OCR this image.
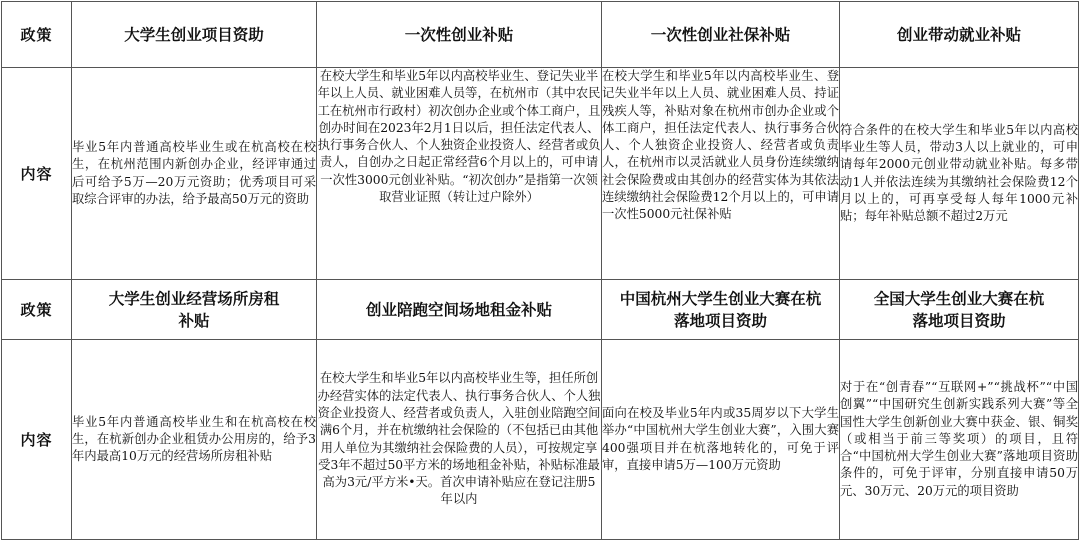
政策	大学生创业项目资助	一次性创业补贴	一次性创业社保补贴	创业带动就业补贴
内容	毕业5年内普通高校毕业生或在杭高校在校生，在杭州范围内新创办企业，经评审通过后可给予5万—20万元资助；优秀项目可采取综合评审的办法，给予最高50万元的资助	在校大学生和毕业5年以内高校毕业生、登记失业半年以上人员、就业困难人员等，在杭州市（其中农民工在杭州市行政村）初次创办企业或个体工商户，且创办时间在2023年2月1日以后，担任法定代表人、执行事务合伙人、个人独资企业投资人、经营者或负责人，自创办之日起正常经营6个月以上的，可申请一次性3000元创业补贴。“初次创办”是指第一次领取营业证照（转让过户除外）	在校大学生和毕业5年以内高校毕业生、登记失业半年以上人员、就业困难人员、持证残疾人等，补贴对象在杭州市创办企业或个体工商户，担任法定代表人、执行事务合伙人、个人独资企业投资人、经营者或负责人，在杭州市以灵活就业人员身份连续缴纳社会保险费或由其创办的经营实体为其依法连续缴纳社会保险费12个月以上的，可申请一次性5000元社保补贴	符合条件的在校大学生和毕业5年以内高校毕业生等人员，带动3人以上就业的，可申请每年2000元创业带动就业补贴。每多带动1人并依法连续为其缴纳社会保险费12个月以上的，可再享受每人每年1000元补贴；每年补贴总额不超过2万元
政策	大学生创业经营场所房租补贴	创业陪跑空间场地租金补贴	中国杭州大学生创业大赛在杭落地项目资助	全国大学生创业大赛在杭落地项目资助

内容	毕业5年内普通高校毕业生和在杭高校在校生，在杭新创办企业租赁办公用房的，给予3年内最高10万元的经营场所房租补贴	在校大学生和毕业5年以内高校毕业生等，担任所创办经营实体的法定代表人、执行事务合伙人、个人独资企业投资人、经营者或负责人，入驻创业陪跑空间满6个月，并在杭缴纳社会保险的（不包括已由其他用人单位为其缴纳社会保险费的人员），可按规定享受3年不超过50平方米的场地租金补贴，补贴标准最高为3元/平方米•天。首次申请补贴应在登记注册5年以内	面向在校及毕业5年内或35周岁以下大学生举办“中国杭州大学生创业大赛”，入围大赛400强项目并在杭落地转化的，可免于评审，直接申请5万—100万元资助	对于在“创青春”“互联网+”“挑战杯”“中国创翼”“中国研究生创新实践系列大赛”等全国性大学生创新创业大赛中获金、银、铜奖（或相当于前三等奖项）的项目，且符合“中国杭州大学生创业大赛”落地项目资助条件的，可免于评审，分别直接申请50万元、30万元、20万元的项目资助
